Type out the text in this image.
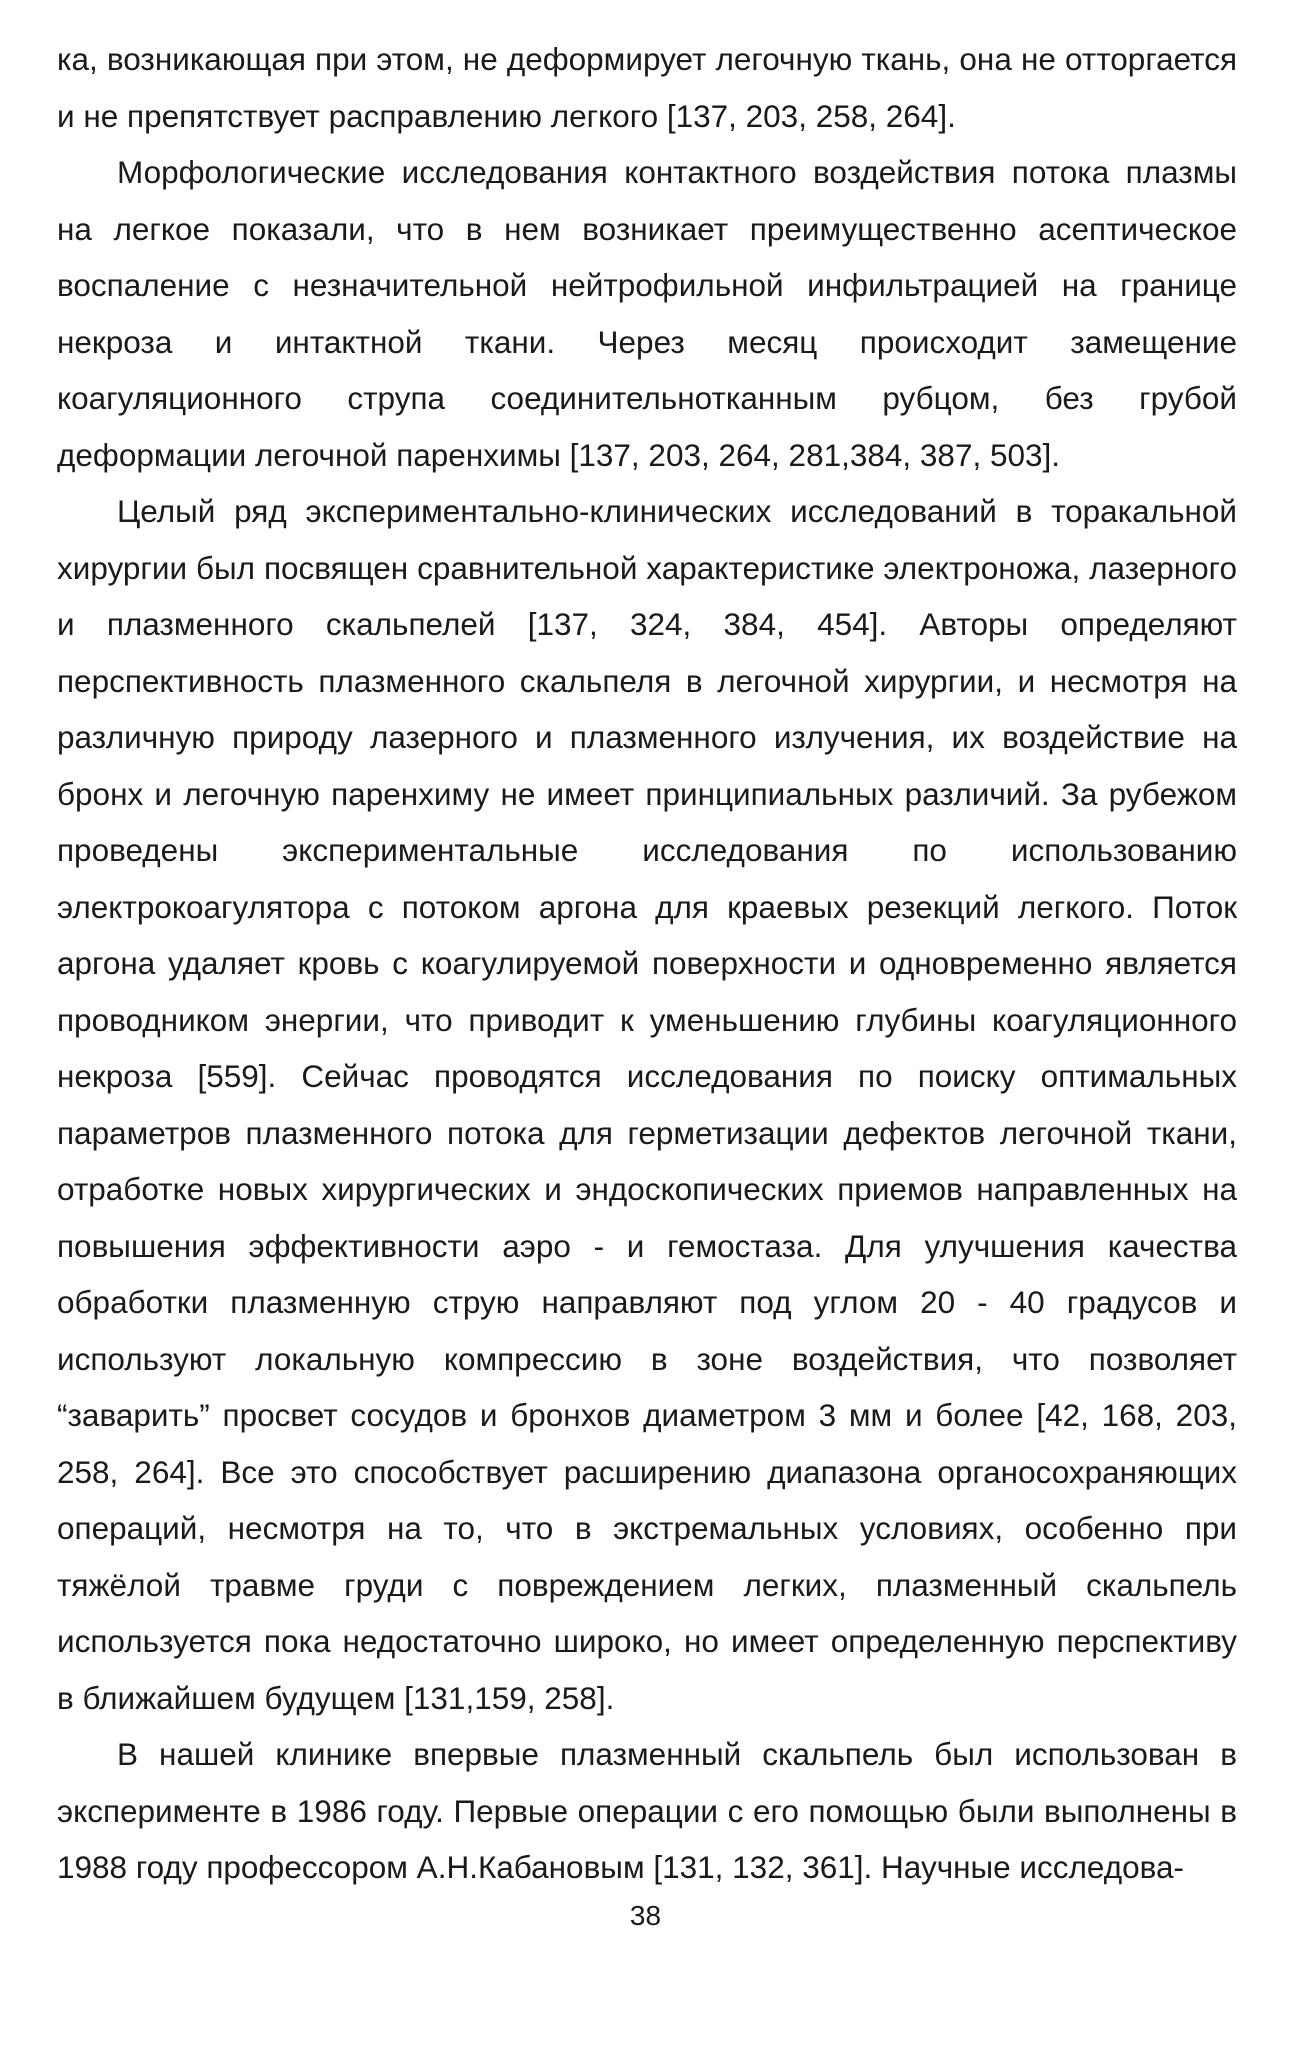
ка, возникающая при этом, не деформирует легочную ткань, она не отторгается и не препятствует расправлению легкого [137, 203, 258, 264].

Морфологические исследования контактного воздействия потока плазмы на легкое показали, что в нем возникает преимущественно асептическое воспаление с незначительной нейтрофильной инфильтрацией на границе некроза и интактной ткани. Через месяц происходит замещение коагуляционного струпа соединительнотканным рубцом, без грубой деформации легочной паренхимы [137, 203, 264, 281,384, 387, 503].

Целый ряд экспериментально-клинических исследований в торакальной хирургии был посвящен сравнительной характеристике электроножа, лазерного и плазменного скальпелей [137, 324, 384, 454]. Авторы определяют перспективность плазменного скальпеля в легочной хирургии, и несмотря на различную природу лазерного и плазменного излучения, их воздействие на бронх и легочную паренхиму не имеет принципиальных различий. За рубежом проведены экспериментальные исследования по использованию электрокоагулятора с потоком аргона для краевых резекций легкого. Поток аргона удаляет кровь с коагулируемой поверхности и одновременно является проводником энергии, что приводит к уменьшению глубины коагуляционного некроза [559]. Сейчас проводятся исследования по поиску оптимальных параметров плазменного потока для герметизации дефектов легочной ткани, отработке новых хирургических и эндоскопических приемов направленных на повышения эффективности аэро - и гемостаза. Для улучшения качества обработки плазменную струю направляют под углом 20 - 40 градусов и используют локальную компрессию в зоне воздействия, что позволяет “заварить” просвет сосудов и бронхов диаметром 3 мм и более [42, 168, 203, 258, 264]. Все это способствует расширению диапазона органосохраняющих операций, несмотря на то, что в экстремальных условиях, особенно при тяжёлой травме груди с повреждением легких, плазменный скальпель используется пока недостаточно широко, но имеет определенную перспективу в ближайшем будущем [131,159, 258].

В нашей клинике впервые плазменный скальпель был использован в эксперименте в 1986 году. Первые операции с его помощью были выполнены в 1988 году профессором А.Н.Кабановым [131, 132, 361]. Научные исследова-

38
